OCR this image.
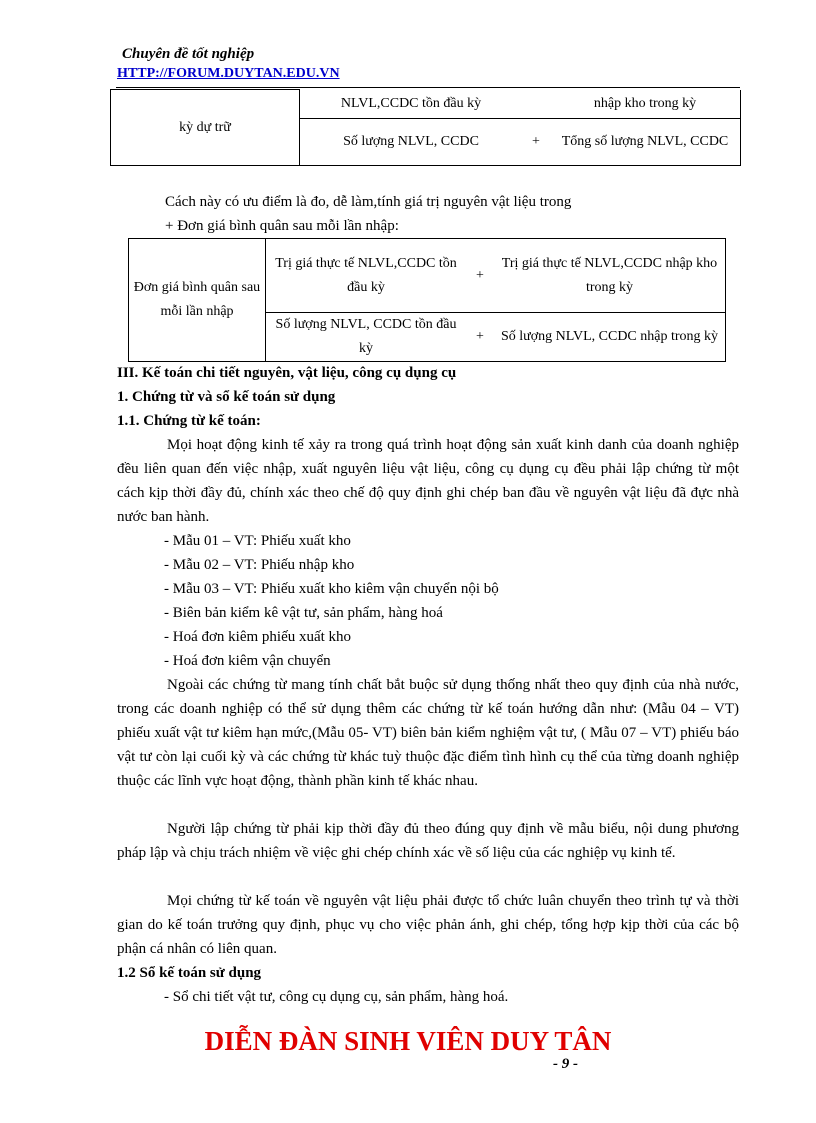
Chuyên đề tốt nghiệp
HTTP://FORUM.DUYTAN.EDU.VN
kỳ dự trữ	NLVL,CCDC tồn đầu kỳ		nhập kho trong kỳ
	Số lượng NLVL, CCDC	+	Tổng số lượng NLVL, CCDC
Cách này có ưu điểm là đo, dễ làm,tính giá trị nguyên vật liệu trong
+ Đơn giá bình quân sau mỗi lần nhập:
Đơn giá bình quân sau mỗi lần nhập	Trị giá thực tế NLVL,CCDC tồn đầu kỳ	+	Trị giá thực tế NLVL,CCDC nhập kho trong kỳ
	Số lượng NLVL, CCDC tồn đầu kỳ	+	Số lượng NLVL, CCDC nhập trong kỳ
III. Kế toán chi tiết nguyên, vật liệu, công cụ dụng cụ
1. Chứng từ và sổ kế toán sử dụng
1.1. Chứng từ kế toán:
Mọi hoạt động kinh tế xảy ra trong quá trình hoạt động sản xuất kinh danh của doanh nghiệp đều liên quan đến việc nhập, xuất nguyên liệu vật liệu, công cụ dụng cụ đều phải lập chứng từ một cách kịp thời đầy đủ, chính xác theo chế độ quy định ghi chép ban đầu về nguyên vật liệu đã đực nhà nước ban hành.
- Mẫu 01 – VT: Phiếu xuất kho
- Mẫu 02 – VT: Phiếu nhập kho
- Mẫu 03 – VT: Phiếu xuất kho kiêm vận chuyển nội bộ
- Biên bản kiểm kê vật tư, sản phẩm, hàng hoá
- Hoá đơn kiêm phiếu xuất kho
- Hoá đơn kiêm vận chuyển
Ngoài các chứng từ mang tính chất bắt buộc sử dụng thống nhất theo quy định của nhà nước, trong các doanh nghiệp có thể sử dụng thêm các chứng từ kế toán hướng dẫn như: (Mẫu 04 – VT) phiếu xuất vật tư kiêm hạn mức,(Mẫu 05- VT) biên bản kiểm nghiệm vật tư, ( Mẫu 07 – VT) phiếu báo vật tư còn lại cuối kỳ và các chứng từ khác tuỳ thuộc đặc điểm tình hình cụ thể của từng doanh nghiệp thuộc các lĩnh vực hoạt động, thành phần kinh tế khác nhau.
Người lập chứng từ phải kịp thời đầy đủ theo đúng quy định về mẫu biểu, nội dung phương pháp lập và chịu trách nhiệm về việc ghi chép chính xác về số liệu của các nghiệp vụ kinh tế.
Mọi chứng từ kế toán về nguyên vật liệu phải được tổ chức luân chuyển theo trình tự và thời gian do kế toán trưởng quy định, phục vụ cho việc phản ánh, ghi chép, tổng hợp kịp thời của các bộ phận cá nhân có liên quan.
1.2 Sổ kế toán sử dụng
- Sổ chi tiết vật tư, công cụ dụng cụ, sản phẩm, hàng hoá.
DIỄN ĐÀN SINH VIÊN DUY TÂN
- 9 -
